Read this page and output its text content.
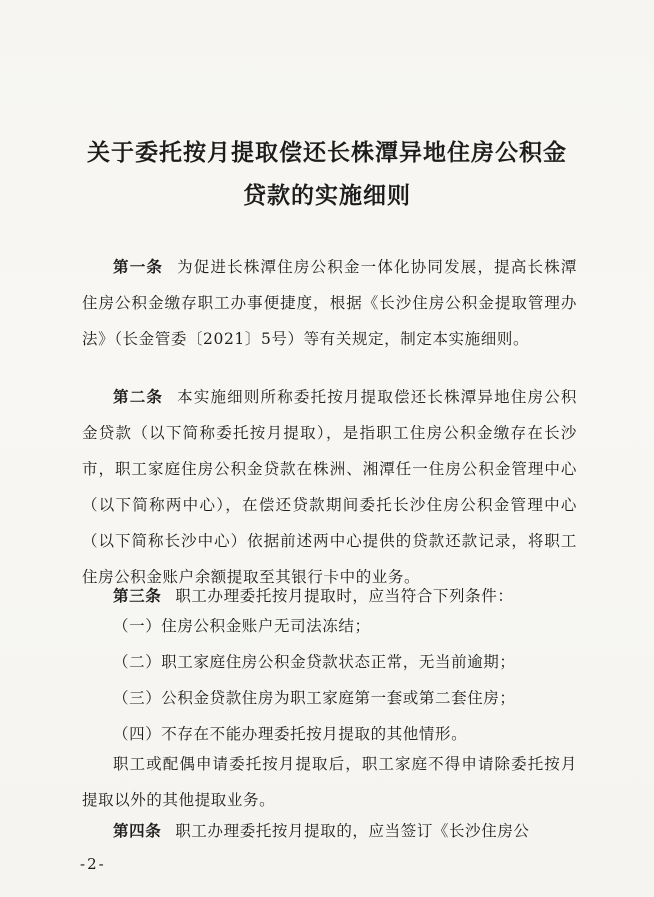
关于委托按月提取偿还长株潭异地住房公积金
贷款的实施细则
第一条 为促进长株潭住房公积金一体化协同发展，提高长株潭住房公积金缴存职工办事便捷度，根据《长沙住房公积金提取管理办法》（长金管委〔2021〕5号）等有关规定，制定本实施细则。
第二条 本实施细则所称委托按月提取偿还长株潭异地住房公积金贷款（以下简称委托按月提取），是指职工住房公积金缴存在长沙市，职工家庭住房公积金贷款在株洲、湘潭任一住房公积金管理中心（以下简称两中心），在偿还贷款期间委托长沙住房公积金管理中心（以下简称长沙中心）依据前述两中心提供的贷款还款记录，将职工住房公积金账户余额提取至其银行卡中的业务。
第三条 职工办理委托按月提取时，应当符合下列条件：
（一）住房公积金账户无司法冻结；
（二）职工家庭住房公积金贷款状态正常，无当前逾期；
（三）公积金贷款住房为职工家庭第一套或第二套住房；
（四）不存在不能办理委托按月提取的其他情形。
职工或配偶申请委托按月提取后，职工家庭不得申请除委托按月提取以外的其他提取业务。
第四条 职工办理委托按月提取的，应当签订《长沙住房公
-2-
